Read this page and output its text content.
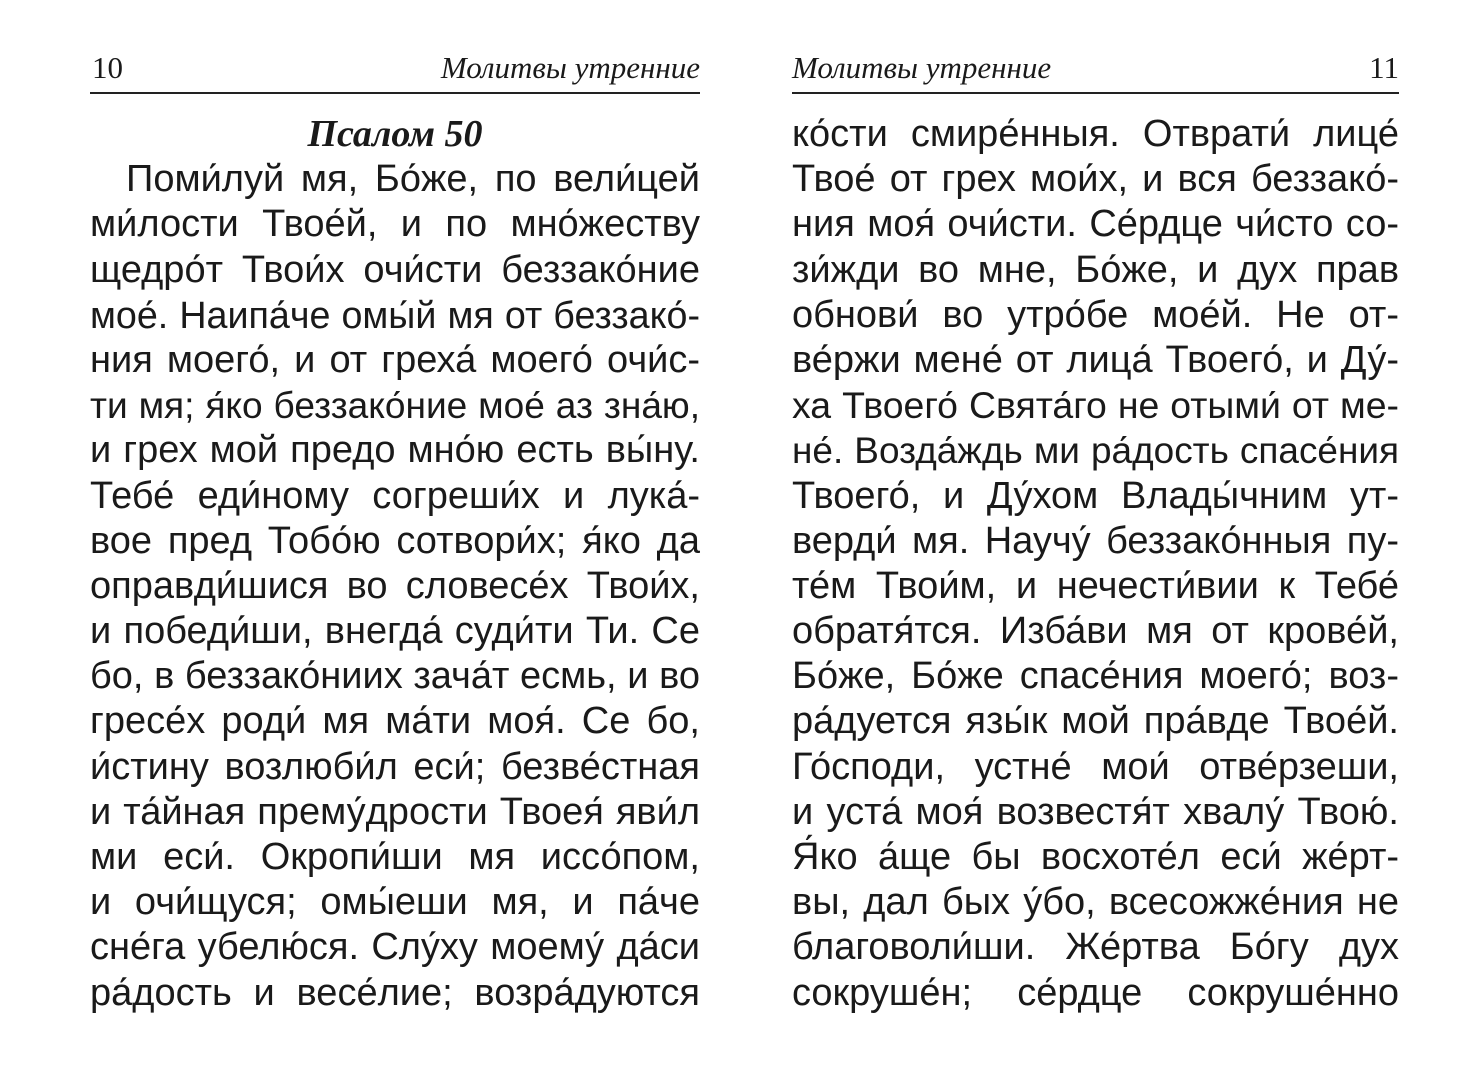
10	Молитвы утренние
Псалом 50
Поми́луй мя, Бо́же, по вели́цей
ми́лости Твое́й, и по мно́жеству
щедро́т Твои́х очи́сти беззако́ние
мое́. Наипа́че омы́й мя от беззако́-
ния моего́, и от греха́ моего́ очи́с-
ти мя; я́ко беззако́ние мое́ аз зна́ю,
и грех мой предо мно́ю есть вы́ну.
Тебе́ еди́ному согреши́х и лука́-
вое пред Тобо́ю сотвори́х; я́ко да
оправди́шися во словесе́х Твои́х,
и победи́ши, внегда́ суди́ти Ти. Се
бо, в беззако́ниих зача́т есмь, и во
гресе́х роди́ мя ма́ти моя́. Се бо,
и́стину возлюби́л еси́; безве́стная
и та́йная прему́дрости Твоея́ яви́л
ми еси́. Окропи́ши мя иссо́пом,
и очи́щуся; омы́еши мя, и па́че
сне́га убелю́ся. Слу́ху моему́ да́си
ра́дость и весе́лие; возра́дуются
Молитвы утренние	11
ко́сти смире́нныя. Отврати́ лице́
Твое́ от грех мои́х, и вся беззако́-
ния моя́ очи́сти. Се́рдце чи́сто со-
зи́жди во мне, Бо́же, и дух прав
обнови́ во утро́бе мое́й. Не от-
ве́ржи мене́ от лица́ Твоего́, и Ду́-
ха Твоего́ Свята́го не отыми́ от ме-
не́. Возда́ждь ми ра́дость спасе́ния
Твоего́, и Ду́хом Влады́чним ут-
верди́ мя. Научу́ беззако́нныя пу-
те́м Твои́м, и нечести́вии к Тебе́
обратя́тся. Изба́ви мя от крове́й,
Бо́же, Бо́же спасе́ния моего́; воз-
ра́дуется язы́к мой пра́вде Твое́й.
Го́споди, устне́ мои́ отве́рзеши,
и уста́ моя́ возвестя́т хвалу́ Твою́.
Я́ко а́ще бы восхоте́л еси́ же́рт-
вы, дал бых у́бо, всесожже́ния не
благоволи́ши. Же́ртва Бо́гу дух
сокруше́н; се́рдце сокруше́нно
